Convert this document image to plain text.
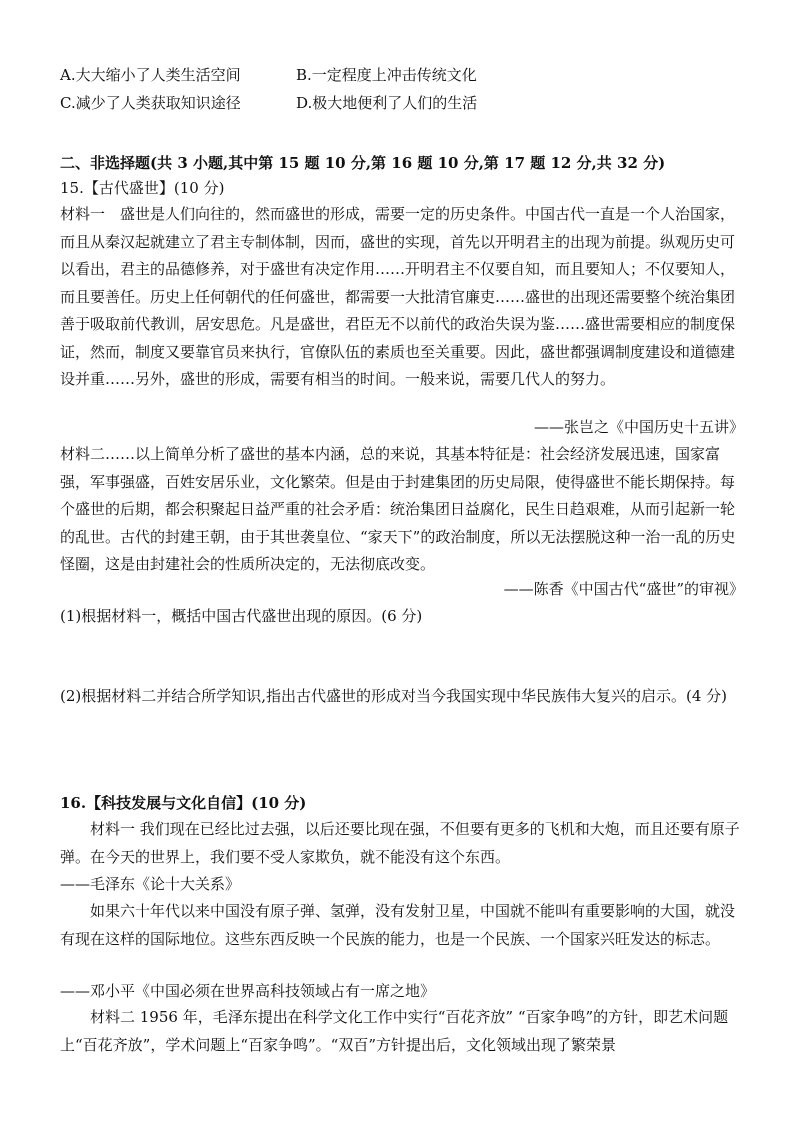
A.大大缩小了人类生活空间	B.一定程度上冲击传统文化
C.减少了人类获取知识途径	D.极大地便利了人们的生活
二、非选择题(共 3 小题,其中第 15 题 10 分,第 16 题 10 分,第 17 题 12 分,共 32 分)
15.【古代盛世】(10 分)

材料一　盛世是人们向往的，然而盛世的形成，需要一定的历史条件。中国古代一直是一个人治国家，而且从秦汉起就建立了君主专制体制，因而，盛世的实现，首先以开明君主的出现为前提。纵观历史可以看出，君主的品德修养，对于盛世有决定作用……开明君主不仅要自知，而且要知人；不仅要知人，而且要善任。历史上任何朝代的任何盛世，都需要一大批清官廉吏……盛世的出现还需要整个统治集团善于吸取前代教训，居安思危。凡是盛世，君臣无不以前代的政治失误为鉴……盛世需要相应的制度保证，然而，制度又要靠官员来执行，官僚队伍的素质也至关重要。因此，盛世都强调制度建设和道德建设并重……另外，盛世的形成，需要有相当的时间。一般来说，需要几代人的努力。

——张岂之《中国历史十五讲》

材料二……以上简单分析了盛世的基本内涵，总的来说，其基本特征是：社会经济发展迅速，国家富强，军事强盛，百姓安居乐业，文化繁荣。但是由于封建集团的历史局限，使得盛世不能长期保持。每个盛世的后期，都会积聚起日益严重的社会矛盾：统治集团日益腐化，民生日趋艰难，从而引起新一轮的乱世。古代的封建王朝，由于其世袭皇位、“家天下”的政治制度，所以无法摆脱这种一治一乱的历史怪圈，这是由封建社会的性质所决定的，无法彻底改变。

——陈香《中国古代“盛世”的审视》
(1)根据材料一，概括中国古代盛世出现的原因。(6 分)
(2)根据材料二并结合所学知识,指出古代盛世的形成对当今我国实现中华民族伟大复兴的启示。(4 分)
16.【科技发展与文化自信】(10 分)
材料一 我们现在已经比过去强，以后还要比现在强，不但要有更多的飞机和大炮，而且还要有原子弹。在今天的世界上，我们要不受人家欺负，就不能没有这个东西。
——毛泽东《论十大关系》
如果六十年代以来中国没有原子弹、氢弹，没有发射卫星，中国就不能叫有重要影响的大国，就没有现在这样的国际地位。这些东西反映一个民族的能力，也是一个民族、一个国家兴旺发达的标志。
——邓小平《中国必须在世界高科技领域占有一席之地》
材料二 1956 年，毛泽东提出在科学文化工作中实行“百花齐放” “百家争鸣”的方针，即艺术问题上“百花齐放”，学术问题上“百家争鸣”。“双百”方针提出后，文化领域出现了繁荣景
